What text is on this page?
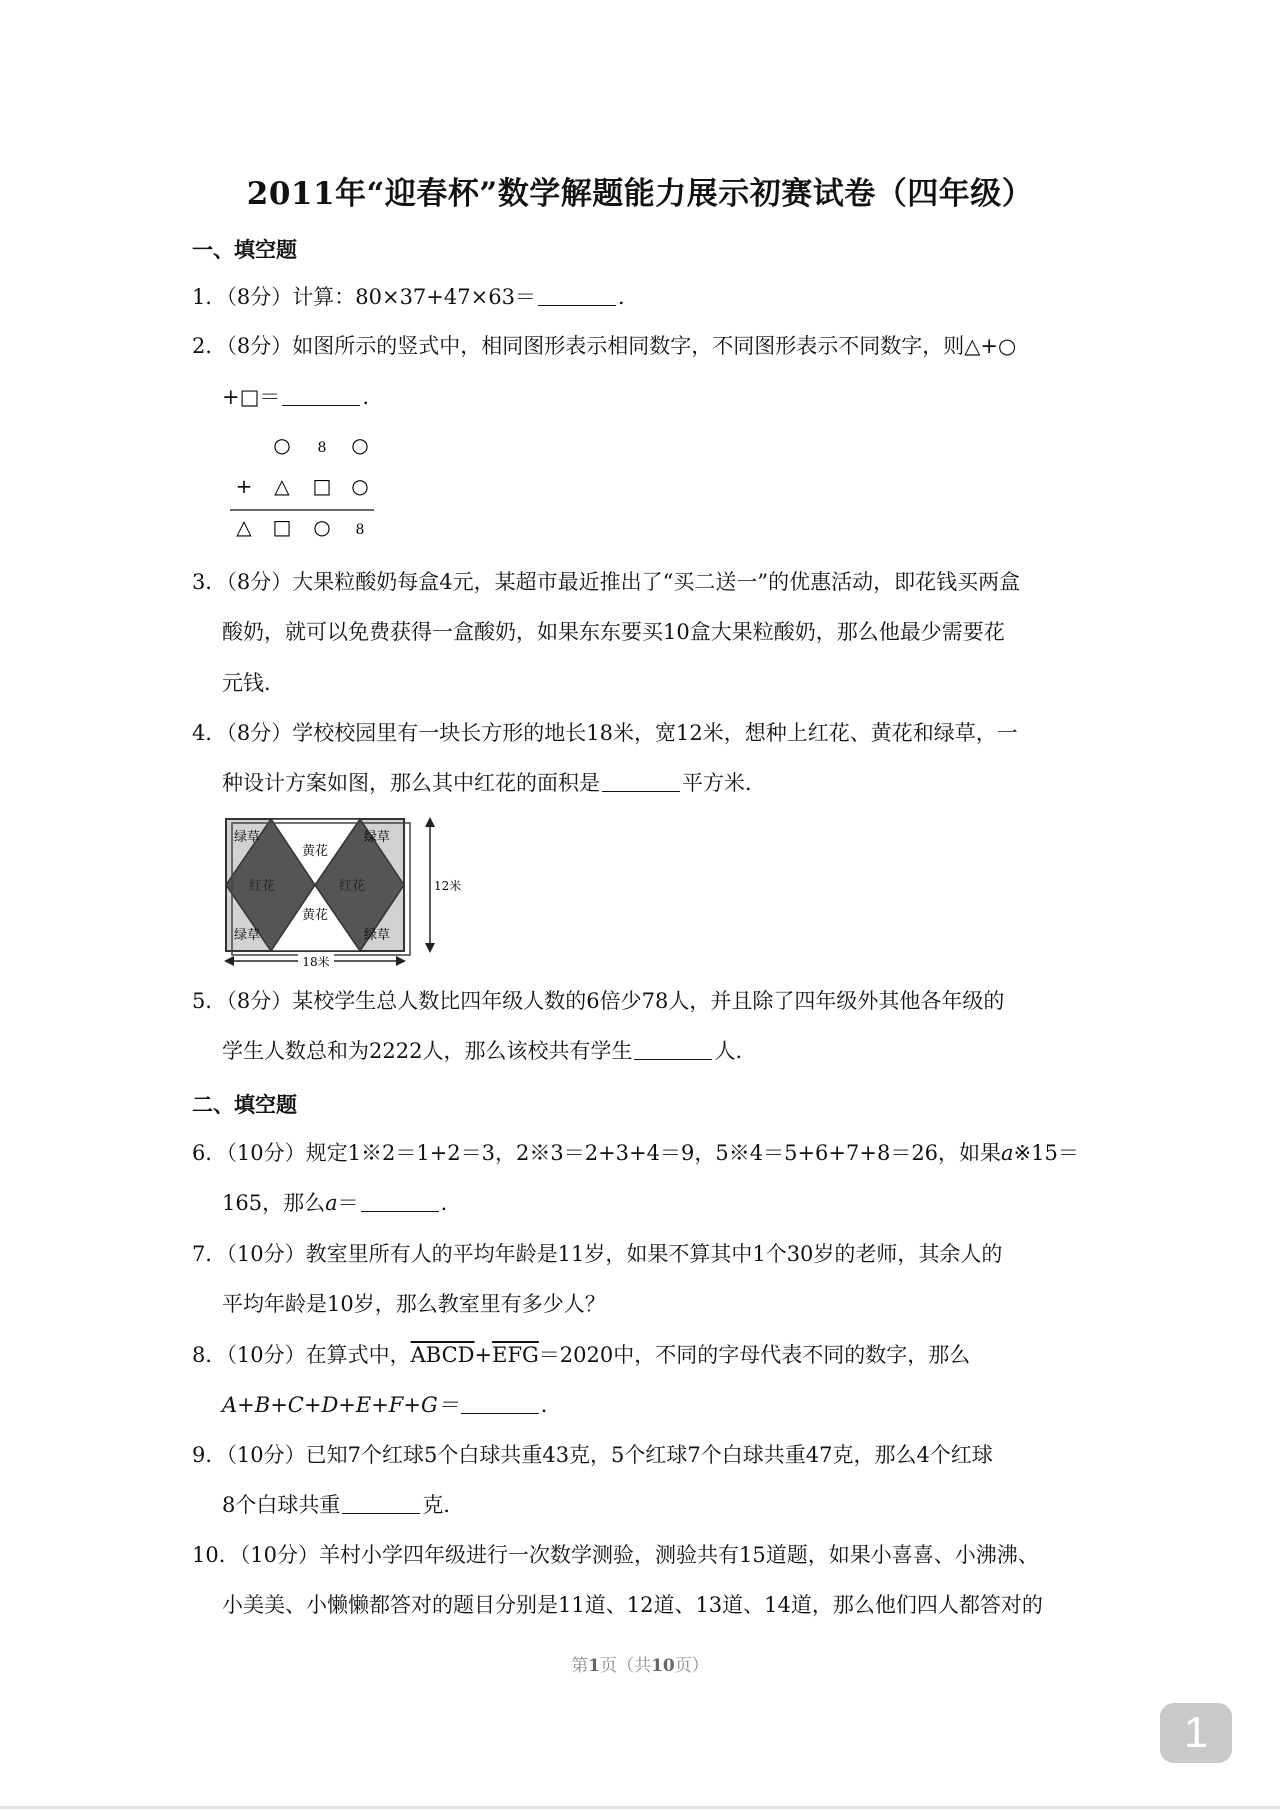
2011年“迎春杯”数学解题能力展示初赛试卷（四年级）
一、填空题
1．（8分）计算：80×37+47×63＝	．
2．（8分）如图所示的竖式中，相同图形表示相同数字，不同图形表示不同数字，则△+○
+□＝	．
○ 8 ○
+ △ □ ○
△ □ ○ 8
3．（8分）大果粒酸奶每盒4元，某超市最近推出了“买二送一”的优惠活动，即花钱买两盒
酸奶，就可以免费获得一盒酸奶，如果东东要买10盒大果粒酸奶，那么他最少需要花
元钱．
4．（8分）学校校园里有一块长方形的地长18米，宽12米，想种上红花、黄花和绿草，一
种设计方案如图，那么其中红花的面积是	平方米．
绿草	绿草
绿草	绿草
黄花
黄花
红花	红花	12米
18米
5．（8分）某校学生总人数比四年级人数的6倍少78人，并且除了四年级外其他各年级的
学生人数总和为2222人，那么该校共有学生	人．
二、填空题
6．（10分）规定1※2＝1+2＝3，2※3＝2+3+4＝9，5※4＝5+6+7+8＝26，如果a※15＝
165，那么a＝	．
7．（10分）教室里所有人的平均年龄是11岁，如果不算其中1个30岁的老师，其余人的
平均年龄是10岁，那么教室里有多少人？
8．（10分）在算式中，$ABCD+\overline{EFG}=2020$中，不同的字母代表不同的数字，那么
A+B+C+D+E+F+G＝	．
9．（10分）已知7个红球5个白球共重43克，5个红球7个白球共重47克，那么4个红球
8个白球共重	克．
10．（10分）羊村小学四年级进行一次数学测验，测验共有15道题，如果小喜喜、小沸沸、
小美美、小懒懒都答对的题目分别是11道、12道、13道、14道，那么他们四人都答对的
第1页（共10页）
1
